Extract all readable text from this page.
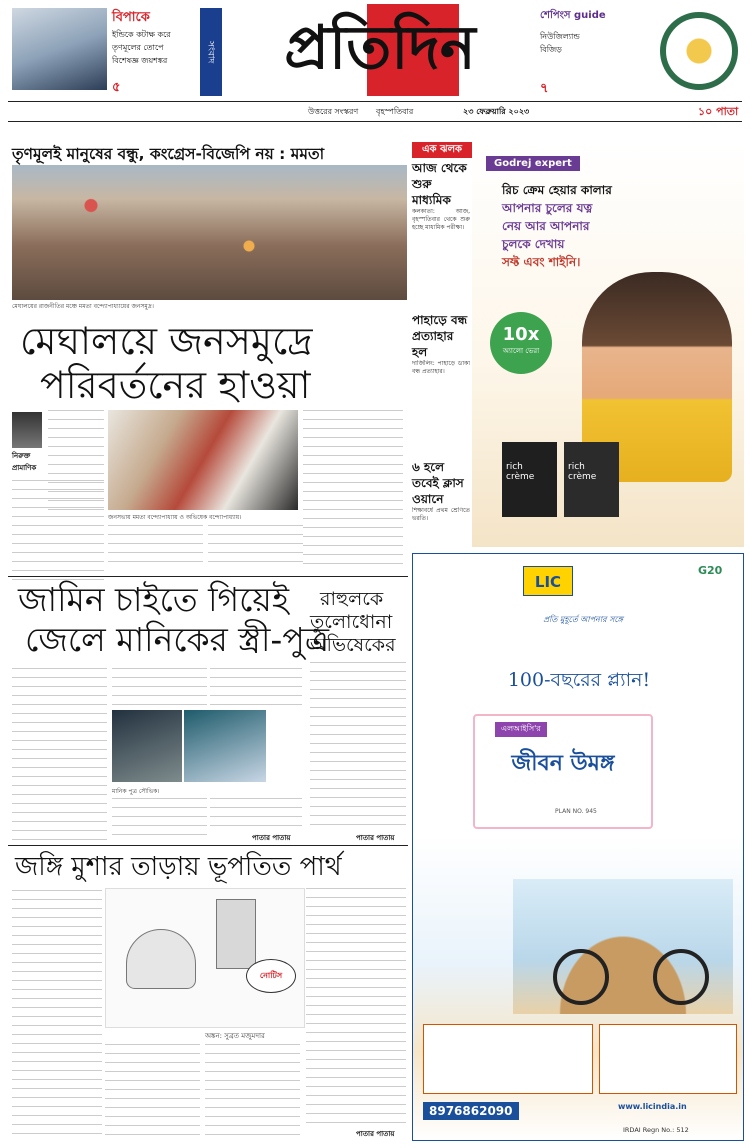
বিপাকে
ইন্ডিকে কটাক্ষ করে
তৃণমূলের তোপে
বিশেষজ্ঞ জয়শঙ্কর
৫
সংবাদ	প্রতিদিন	শেপিংস guide
নিউজিল্যান্ড
বিজিড়
৭
উত্তরের সংস্করণ বৃহস্পতিবার	২৩ ফেব্রুয়ারি ২০২৩	১০ পাতা
তৃণমূলই মানুষের বন্ধু, কংগ্রেস-বিজেপি নয় : মমতা
মেঘালয়ের রাজনীতির মঞ্চে মমতা বন্দ্যোপাধ্যায়ের জনসমুদ্র।
এক ঝলক
আজ থেকে শুরু মাধ্যমিক
কলকাতা: আজ, বৃহস্পতিবার থেকে শুরু হচ্ছে মাধ্যমিক পরীক্ষা।
পাহাড়ে বন্ধ প্রত্যাহার হল
দার্জিলিং: পাহাড়ে ডাকা বন্ধ প্রত্যাহার।
৬ হলে তবেই ক্লাস ওয়ানে
শিক্ষাবর্ষে প্রথম শ্রেণিতে ভরতি।
Godrej expert
রিচ ক্রেম হেয়ার কালার
আপনার চুলের যত্ন
নেয় আর আপনার
চুলকে দেখায়
সফ্ট এবং শাইনি।
10x
অ্যালো ভেরা
rich crème
rich crème
মেঘালয়ে জনসমুদ্রে
পরিবর্তনের হাওয়া
নিরুক্ত প্রামাণিক
জনসভায় মমতা বন্দ্যোপাধ্যায় ও অভিষেক বন্দ্যোপাধ্যায়।
জামিন চাইতে গিয়েই
জেলে মানিকের স্ত্রী-পুত্র
মানিক পুত্র সৌভিক।
পাতার পাতায়
রাহুলকে
তুলোধোনা
অভিষেকের
পাতার পাতায়
জঙ্গি মুশার তাড়ায় ভূপতিত পার্থ
নোটিস
অঙ্কন: সুব্রত মজুমদার
পাতার পাতায়
LIC
প্রতি মুহূর্তে আপনার সঙ্গে
G20
100-বছরের প্ল্যান!
এলআইসি'র
জীবন উমঙ্গ
PLAN NO. 945
8976862090	www.licindia.in
IRDAI Regn No.: 512
